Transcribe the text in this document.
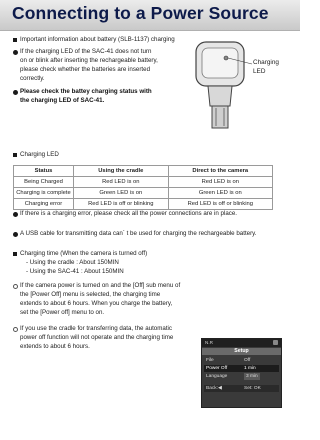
Connecting to a Power Source
Important information about battery (SLB-1137) charging
If the charging LED of the SAC-41 does not turn
on or blink after inserting the rechargeable battery,
please check whether the batteries are inserted
correctly.
Please check the battey charging status with
the charging LED of SAC-41.
Charging
LED
Charging LED
Status	Using the cradle	Direct to the camera
Being Charged	Red LED is on	Red LED is on
Charging is complete	Green LED is on	Green LED is on
Charging error	Red LED is off or blinking	Red LED is off or blinking
If there is a charging error, please check all the power connections are in place.
A USB cable for transmitting data can´ t be used for charging the rechargeable battery.
Charging time (When the camera is turned off)
- Using the cradle : About 150MIN
- Using the SAC-41 : About 150MIN
If the camera power is turned on and the [Off] sub menu of
the [Power Off] menu is selected, the charging time
extends to about 6 hours. When you charge the battery,
set the [Power off] menu to on.
If you use the cradle for transferring data, the automatic
power off function will not operate and the charging time
extends to about 6 hours.
N.R
Setup
File	Off
Power Off	1 min
Language	3 min
Back:◀	Set: OK
